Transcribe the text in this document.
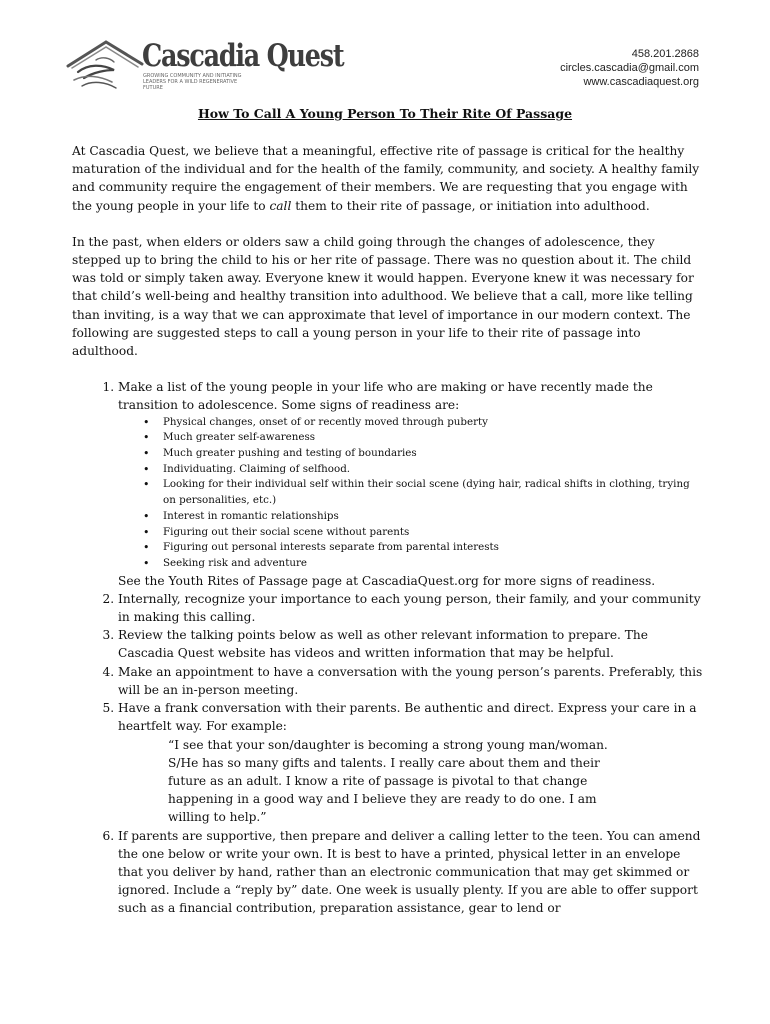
Cascadia Quest
GROWING COMMUNITY AND INITIATING LEADERS FOR A WILD REGENERATIVE FUTURE
458.201.2868
circles.cascadia@gmail.com
www.cascadiaquest.org
How To Call A Young Person To Their Rite Of Passage

At Cascadia Quest, we believe that a meaningful, effective rite of passage is critical for the healthy maturation of the individual and for the health of the family, community, and society. A healthy family and community require the engagement of their members. We are requesting that you engage with the young people in your life to call them to their rite of passage, or initiation into adulthood.

In the past, when elders or olders saw a child going through the changes of adolescence, they stepped up to bring the child to his or her rite of passage. There was no question about it. The child was told or simply taken away. Everyone knew it would happen. Everyone knew it was necessary for that child’s well-being and healthy transition into adulthood. We believe that a call, more like telling than inviting, is a way that we can approximate that level of importance in our modern context. The following are suggested steps to call a young person in your life to their rite of passage into adulthood.

1. Make a list of the young people in your life who are making or have recently made the transition to adolescence. Some signs of readiness are:
• Physical changes, onset of or recently moved through puberty
• Much greater self-awareness
• Much greater pushing and testing of boundaries
• Individuating. Claiming of selfhood.
• Looking for their individual self within their social scene (dying hair, radical shifts in clothing, trying on personalities, etc.)
• Interest in romantic relationships
• Figuring out their social scene without parents
• Figuring out personal interests separate from parental interests
• Seeking risk and adventure
See the Youth Rites of Passage page at CascadiaQuest.org for more signs of readiness.
2. Internally, recognize your importance to each young person, their family, and your community in making this calling.
3. Review the talking points below as well as other relevant information to prepare. The Cascadia Quest website has videos and written information that may be helpful.
4. Make an appointment to have a conversation with the young person’s parents. Preferably, this will be an in-person meeting.
5. Have a frank conversation with their parents. Be authentic and direct. Express your care in a heartfelt way. For example:
“I see that your son/daughter is becoming a strong young man/woman. S/He has so many gifts and talents. I really care about them and their future as an adult. I know a rite of passage is pivotal to that change happening in a good way and I believe they are ready to do one. I am willing to help.”
6. If parents are supportive, then prepare and deliver a calling letter to the teen. You can amend the one below or write your own. It is best to have a printed, physical letter in an envelope that you deliver by hand, rather than an electronic communication that may get skimmed or ignored. Include a “reply by” date. One week is usually plenty. If you are able to offer support such as a financial contribution, preparation assistance, gear to lend or
